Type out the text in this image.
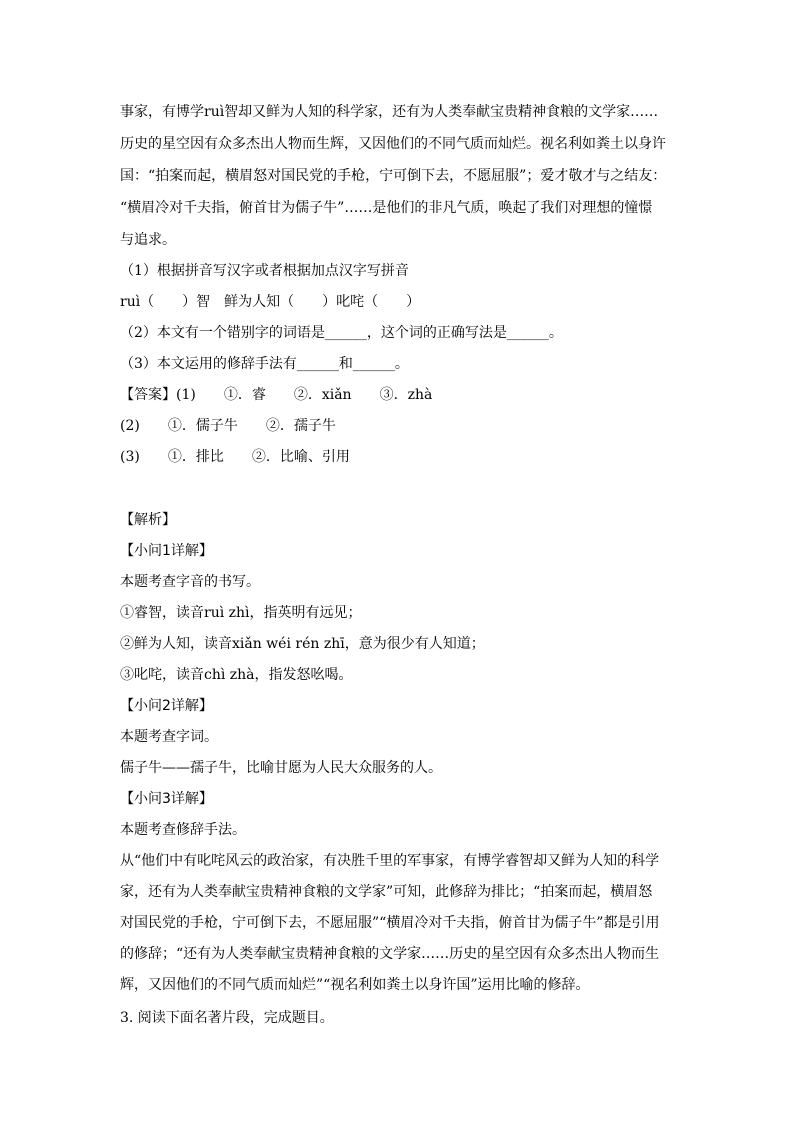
事家，有博学ruì智却又鲜为人知的科学家，还有为人类奉献宝贵精神食粮的文学家……
历史的星空因有众多杰出人物而生辉，又因他们的不同气质而灿烂。视名利如粪土以身许
国：“拍案而起，横眉怒对国民党的手枪，宁可倒下去，不愿屈服”；爱才敬才与之结友：
“横眉冷对千夫指，俯首甘为儒子牛”……是他们的非凡气质，唤起了我们对理想的憧憬
与追求。
（1）根据拼音写汉字或者根据加点汉字写拼音
ruì（　　）智　鲜为人知（　　）叱咤（　　）
（2）本文有一个错别字的词语是______，这个词的正确写法是______。
（3）本文运用的修辞手法有______和______。
【答案】(1)　　①．睿　　②．xiǎn　　③．zhà
(2)　　①．儒子牛　　②．孺子牛
(3)　　①．排比　　②．比喻、引用
【解析】
【小问1详解】
本题考查字音的书写。
①睿智，读音ruì zhì，指英明有远见；
②鲜为人知，读音xiǎn wéi rén zhī，意为很少有人知道；
③叱咤，读音chì zhà，指发怒吆喝。
【小问2详解】
本题考查字词。
儒子牛——孺子牛，比喻甘愿为人民大众服务的人。
【小问3详解】
本题考查修辞手法。
从“他们中有叱咤风云的政治家，有决胜千里的军事家，有博学睿智却又鲜为人知的科学
家，还有为人类奉献宝贵精神食粮的文学家”可知，此修辞为排比；“拍案而起，横眉怒
对国民党的手枪，宁可倒下去，不愿屈服”“横眉冷对千夫指，俯首甘为儒子牛”都是引用
的修辞；“还有为人类奉献宝贵精神食粮的文学家……历史的星空因有众多杰出人物而生
辉，又因他们的不同气质而灿烂”“视名利如粪土以身许国”运用比喻的修辞。
3. 阅读下面名著片段，完成题目。
